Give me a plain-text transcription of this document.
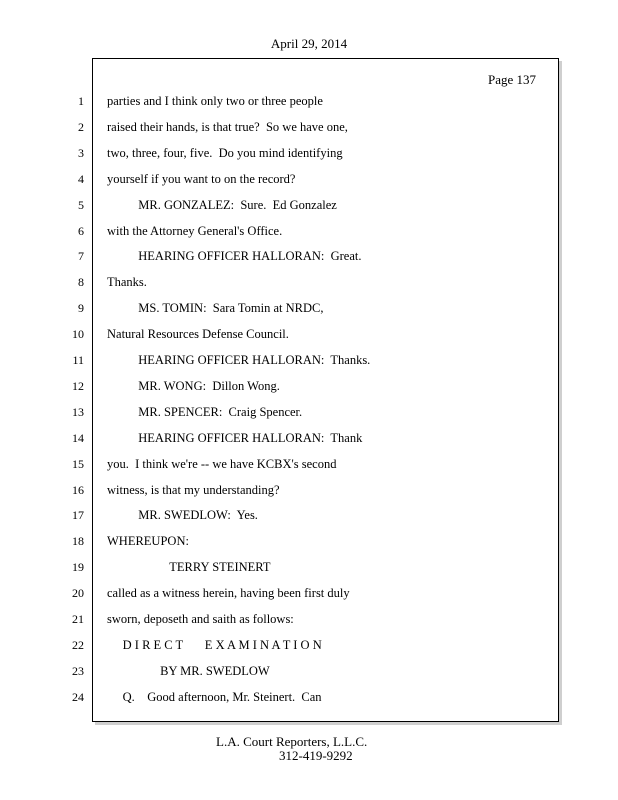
April 29, 2014
Page 137
1 parties and I think only two or three people
2 raised their hands, is that true?  So we have one,
3 two, three, four, five.  Do you mind identifying
4 yourself if you want to on the record?
5 MR. GONZALEZ:  Sure.  Ed Gonzalez
6 with the Attorney General's Office.
7 HEARING OFFICER HALLORAN:  Great.
8 Thanks.
9 MS. TOMIN:  Sara Tomin at NRDC,
10 Natural Resources Defense Council.
11 HEARING OFFICER HALLORAN:  Thanks.
12 MR. WONG:  Dillon Wong.
13 MR. SPENCER:  Craig Spencer.
14 HEARING OFFICER HALLORAN:  Thank
15 you.  I think we're -- we have KCBX's second
16 witness, is that my understanding?
17 MR. SWEDLOW:  Yes.
18 WHEREUPON:
19 TERRY STEINERT
20 called as a witness herein, having been first duly
21 sworn, deposeth and saith as follows:
22 D I R E C T       E X A M I N A T I O N
23 BY MR. SWEDLOW
24 Q.    Good afternoon, Mr. Steinert.  Can
L.A. Court Reporters, L.L.C.
312-419-9292
